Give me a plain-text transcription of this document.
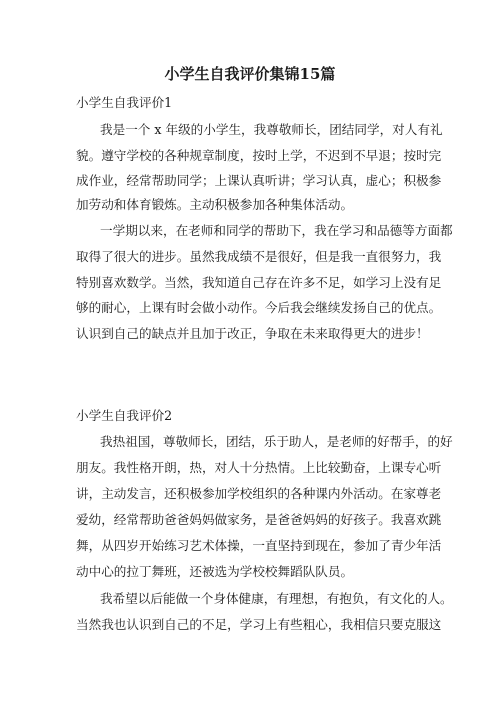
小学生自我评价集锦15篇
小学生自我评价1
我是一个 x 年级的小学生，我尊敬师长，团结同学，对人有礼
貌。遵守学校的各种规章制度，按时上学，不迟到不早退；按时完
成作业，经常帮助同学；上课认真听讲；学习认真，虚心；积极参
加劳动和体育锻炼。主动积极参加各种集体活动。
一学期以来，在老师和同学的帮助下，我在学习和品德等方面都
取得了很大的进步。虽然我成绩不是很好，但是我一直很努力，我
特别喜欢数学。当然，我知道自己存在许多不足，如学习上没有足
够的耐心，上课有时会做小动作。今后我会继续发扬自己的优点。
认识到自己的缺点并且加于改正，争取在未来取得更大的进步！
小学生自我评价2
我热祖国，尊敬师长，团结，乐于助人，是老师的好帮手，的好
朋友。我性格开朗，热，对人十分热情。上比较勤奋，上课专心听
讲，主动发言，还积极参加学校组织的各种课内外活动。在家尊老
爱幼，经常帮助爸爸妈妈做家务，是爸爸妈妈的好孩子。我喜欢跳
舞，从四岁开始练习艺术体操，一直坚持到现在，参加了青少年活
动中心的拉丁舞班，还被选为学校校舞蹈队队员。
我希望以后能做一个身体健康，有理想，有抱负，有文化的人。
当然我也认识到自己的不足，学习上有些粗心，我相信只要克服这
